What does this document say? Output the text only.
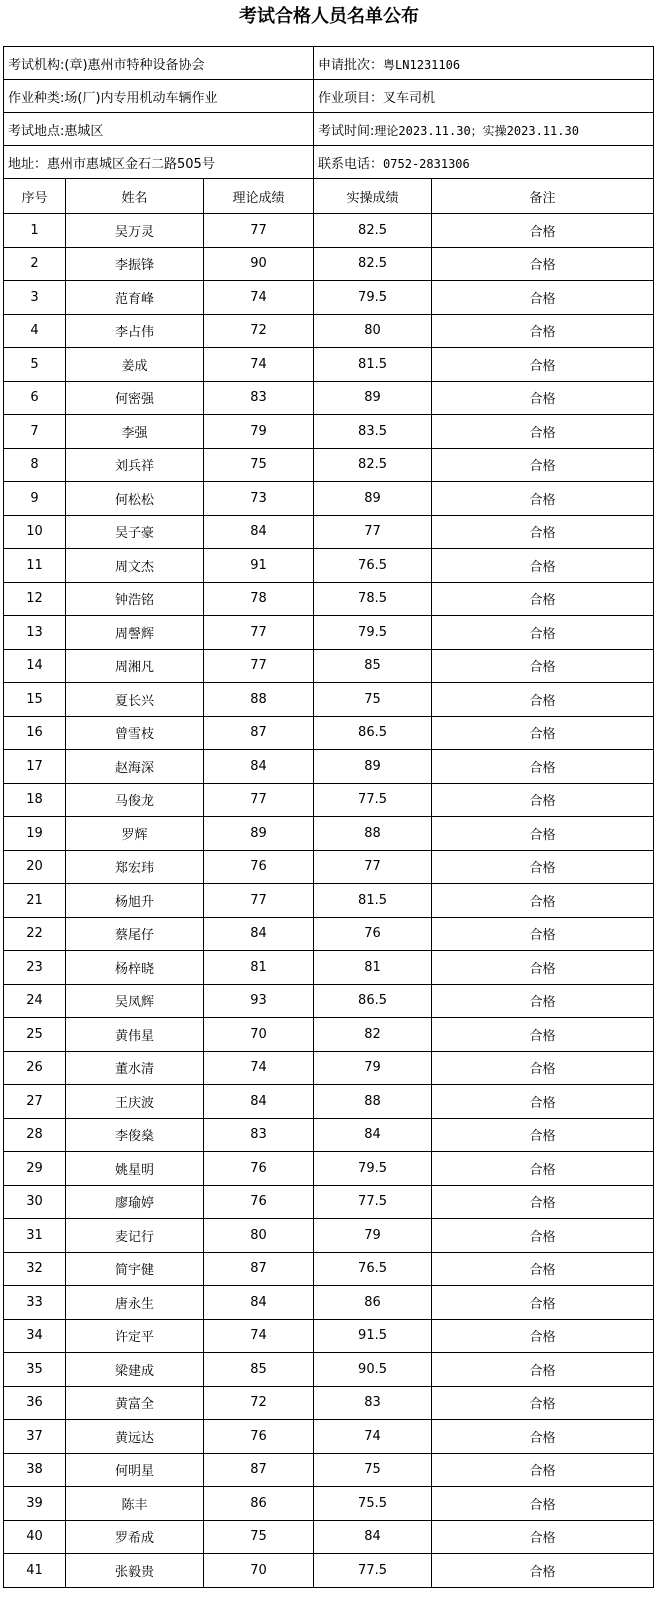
考试合格人员名单公布
考试机构:(章)惠州市特种设备协会			申请批次：粤LN1231106	
作业种类:场(厂)内专用机动车辆作业			作业项目：叉车司机	
考试地点:惠城区			考试时间:理论2023.11.30；实操2023.11.30	
地址：惠州市惠城区金石二路505号			联系电话：0752-2831306	
序号	姓名	理论成绩	实操成绩	备注
1	吴万灵	77	82.5	合格
2	李振锋	90	82.5	合格
3	范育峰	74	79.5	合格
4	李占伟	72	80	合格
5	姜成	74	81.5	合格
6	何密强	83	89	合格
7	李强	79	83.5	合格
8	刘兵祥	75	82.5	合格
9	何松松	73	89	合格
10	吴子豪	84	77	合格
11	周文杰	91	76.5	合格
12	钟浩铭	78	78.5	合格
13	周謦辉	77	79.5	合格
14	周湘凡	77	85	合格
15	夏长兴	88	75	合格
16	曾雪枝	87	86.5	合格
17	赵海深	84	89	合格
18	马俊龙	77	77.5	合格
19	罗辉	89	88	合格
20	郑宏玮	76	77	合格
21	杨旭升	77	81.5	合格
22	蔡尾仔	84	76	合格
23	杨梓晓	81	81	合格
24	吴凤辉	93	86.5	合格
25	黄伟星	70	82	合格
26	董水清	74	79	合格
27	王庆波	84	88	合格
28	李俊燊	83	84	合格
29	姚星明	76	79.5	合格
30	廖瑜婷	76	77.5	合格
31	麦记行	80	79	合格
32	简宇健	87	76.5	合格
33	唐永生	84	86	合格
34	许定平	74	91.5	合格
35	梁建成	85	90.5	合格
36	黄富全	72	83	合格
37	黄远达	76	74	合格
38	何明星	87	75	合格
39	陈丰	86	75.5	合格
40	罗希成	75	84	合格
41	张毅贵	70	77.5	合格
